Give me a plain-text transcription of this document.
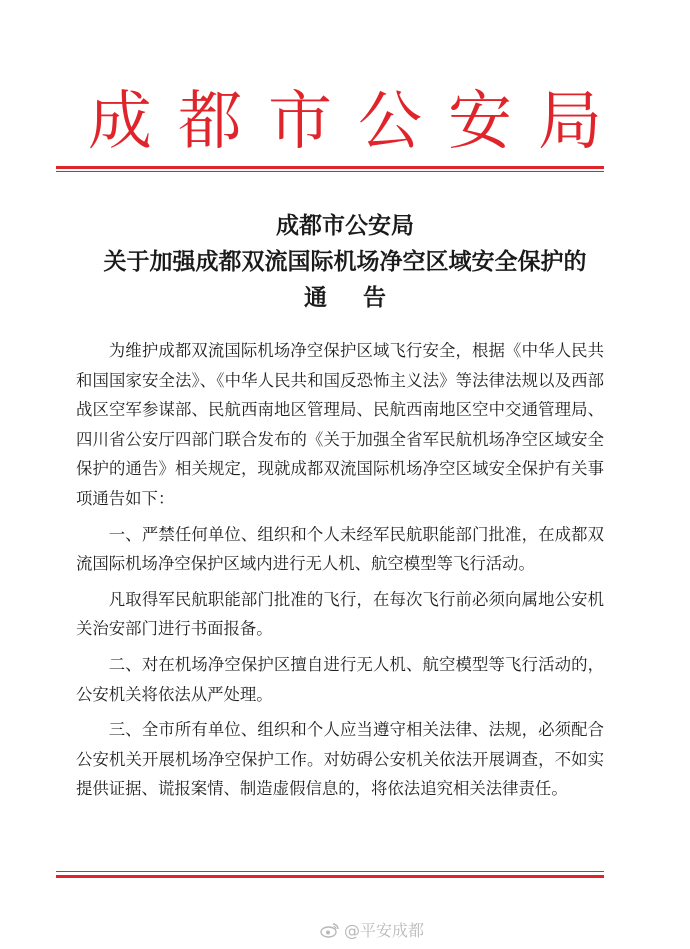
成都市公安局
成都市公安局
关于加强成都双流国际机场净空区域安全保护的
通告

为维护成都双流国际机场净空保护区域飞行安全，根据《中华人民共和国国家安全法》、《中华人民共和国反恐怖主义法》等法律法规以及西部战区空军参谋部、民航西南地区管理局、民航西南地区空中交通管理局、四川省公安厅四部门联合发布的《关于加强全省军民航机场净空区域安全保护的通告》相关规定，现就成都双流国际机场净空区域安全保护有关事项通告如下：

一、严禁任何单位、组织和个人未经军民航职能部门批准，在成都双流国际机场净空保护区域内进行无人机、航空模型等飞行活动。

凡取得军民航职能部门批准的飞行，在每次飞行前必须向属地公安机关治安部门进行书面报备。

二、对在机场净空保护区擅自进行无人机、航空模型等飞行活动的，公安机关将依法从严处理。

三、全市所有单位、组织和个人应当遵守相关法律、法规，必须配合公安机关开展机场净空保护工作。对妨碍公安机关依法开展调查，不如实提供证据、谎报案情、制造虚假信息的，将依法追究相关法律责任。

@平安成都
